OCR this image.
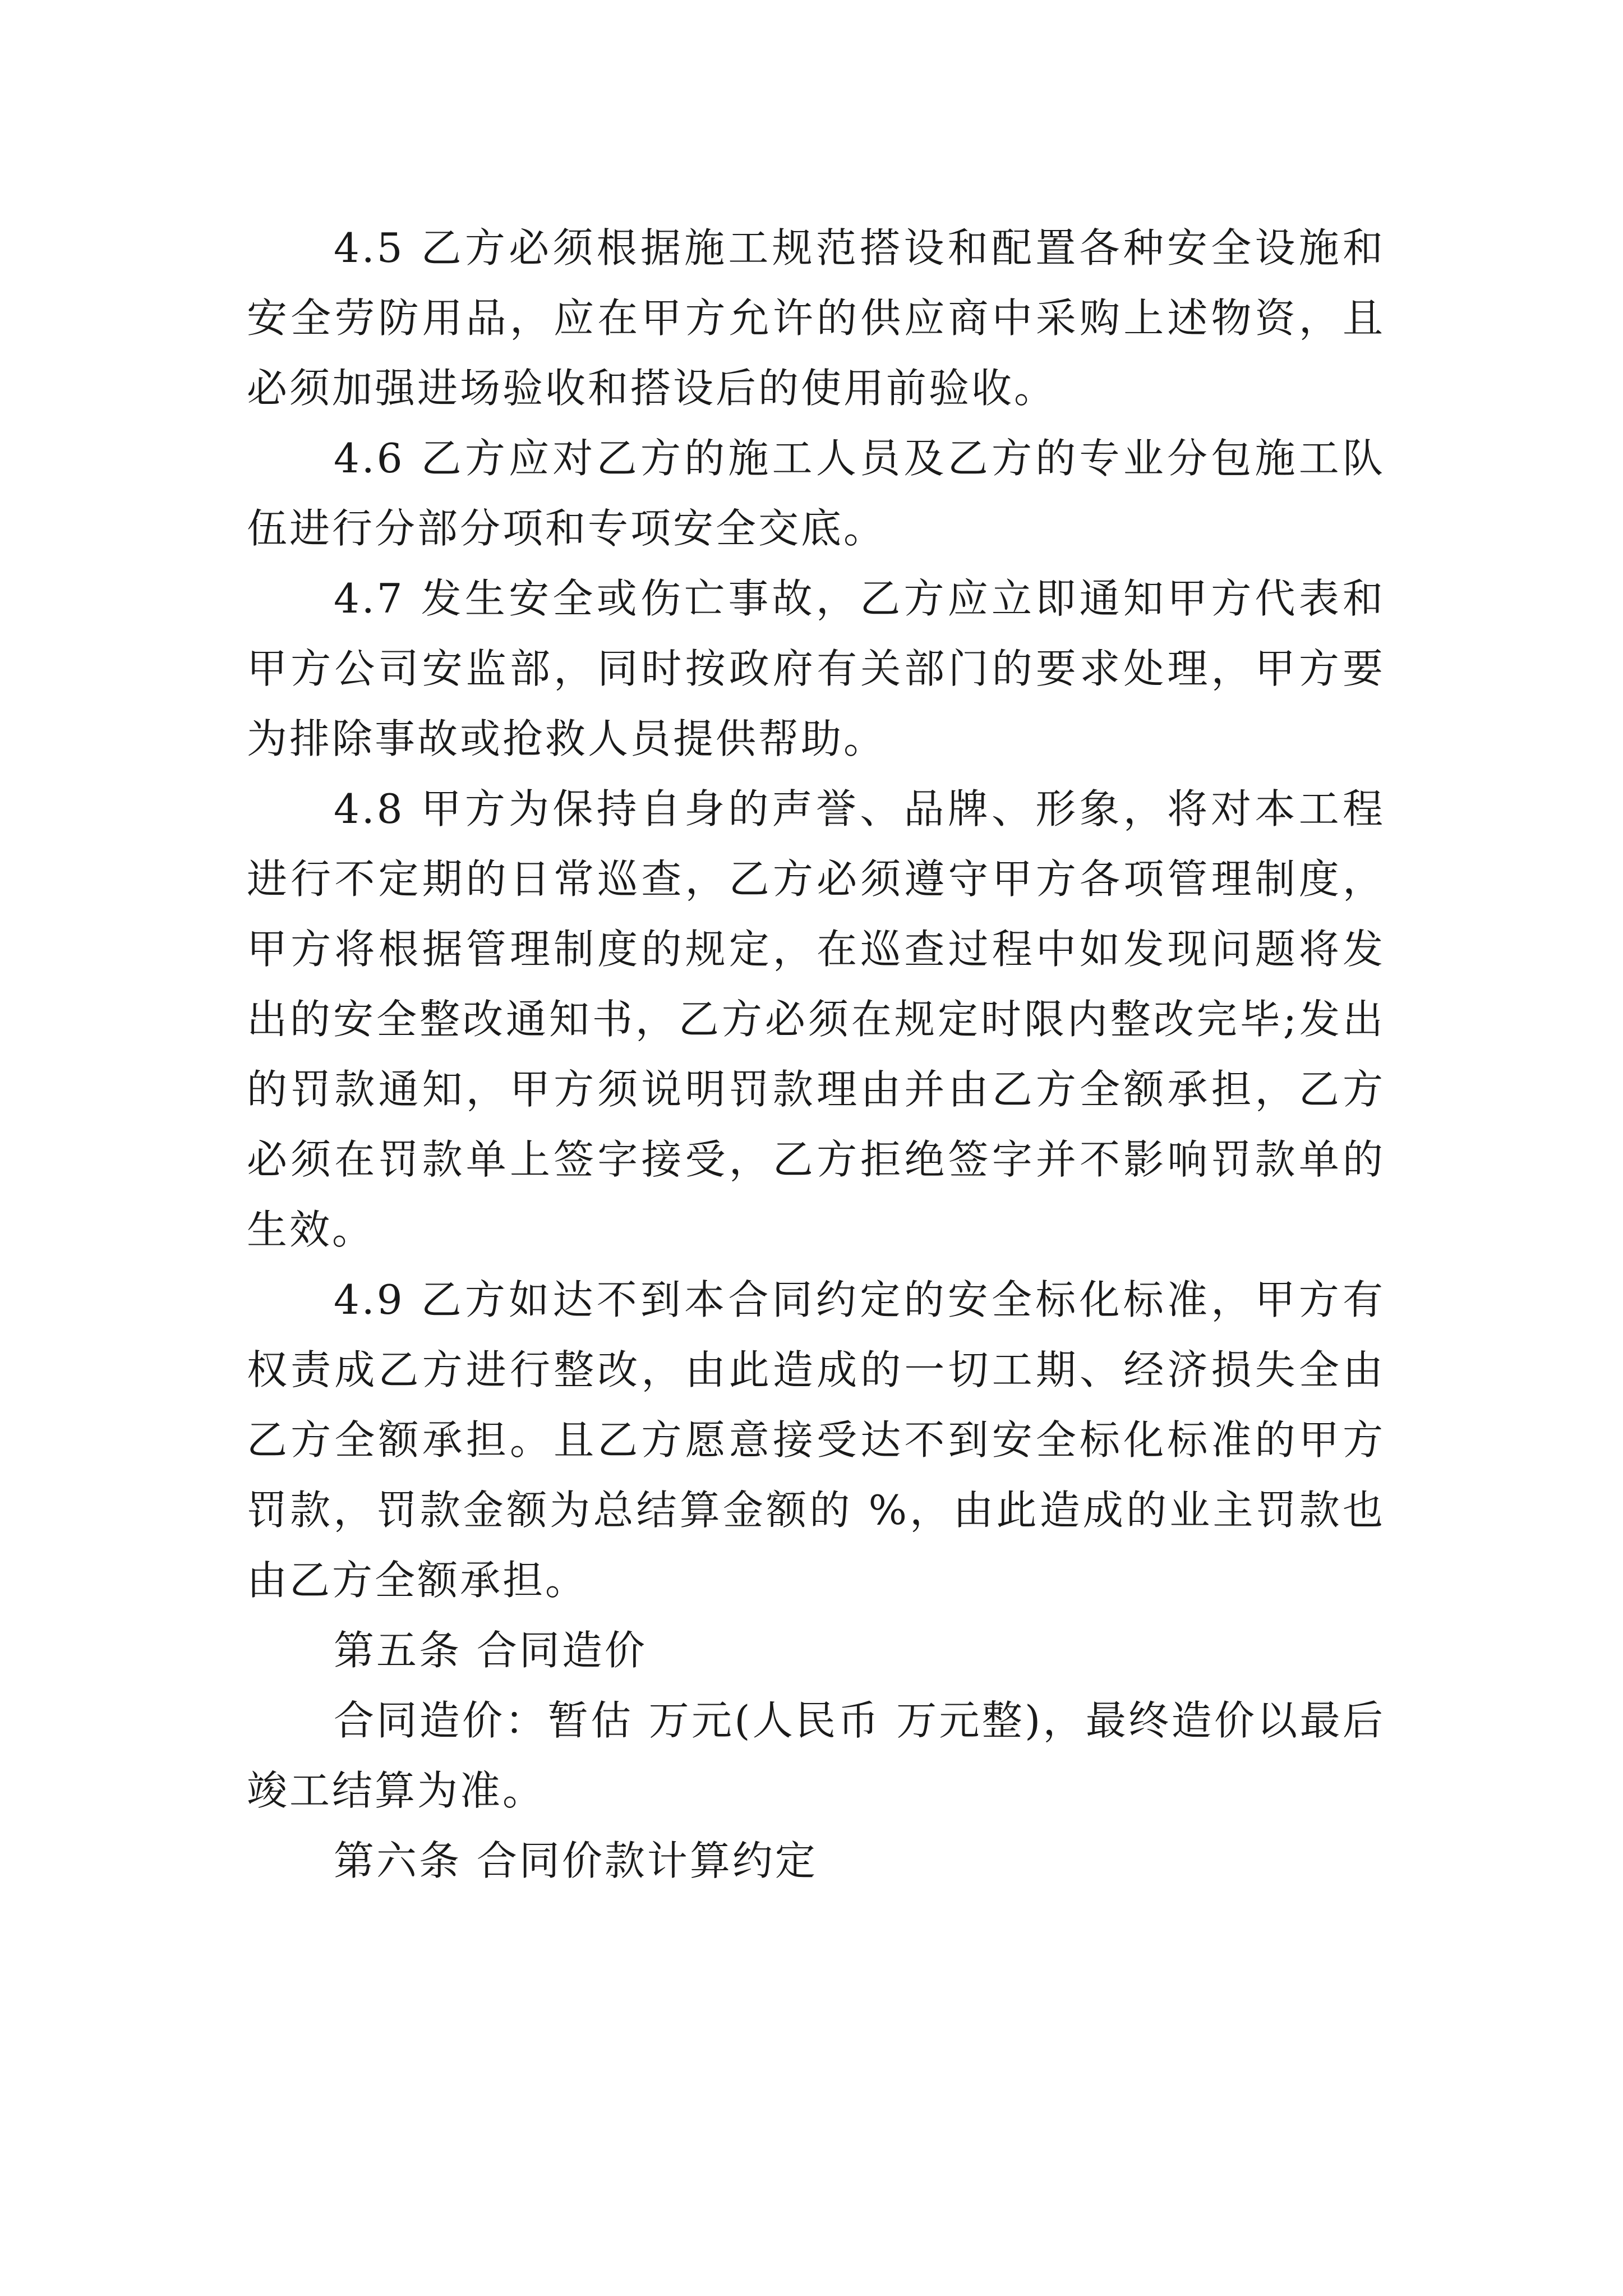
4.5 乙方必须根据施工规范搭设和配置各种安全设施和安全劳防用品，应在甲方允许的供应商中采购上述物资，且必须加强进场验收和搭设后的使用前验收。

4.6 乙方应对乙方的施工人员及乙方的专业分包施工队伍进行分部分项和专项安全交底。

4.7 发生安全或伤亡事故，乙方应立即通知甲方代表和甲方公司安监部，同时按政府有关部门的要求处理，甲方要为排除事故或抢救人员提供帮助。

4.8 甲方为保持自身的声誉、品牌、形象，将对本工程进行不定期的日常巡查，乙方必须遵守甲方各项管理制度，甲方将根据管理制度的规定，在巡查过程中如发现问题将发出的安全整改通知书，乙方必须在规定时限内整改完毕;发出的罚款通知，甲方须说明罚款理由并由乙方全额承担，乙方必须在罚款单上签字接受，乙方拒绝签字并不影响罚款单的生效。

4.9 乙方如达不到本合同约定的安全标化标准，甲方有权责成乙方进行整改，由此造成的一切工期、经济损失全由乙方全额承担。且乙方愿意接受达不到安全标化标准的甲方罚款，罚款金额为总结算金额的 %，由此造成的业主罚款也由乙方全额承担。

第五条 合同造价

合同造价：暂估 万元(人民币 万元整)，最终造价以最后竣工结算为准。

第六条 合同价款计算约定
